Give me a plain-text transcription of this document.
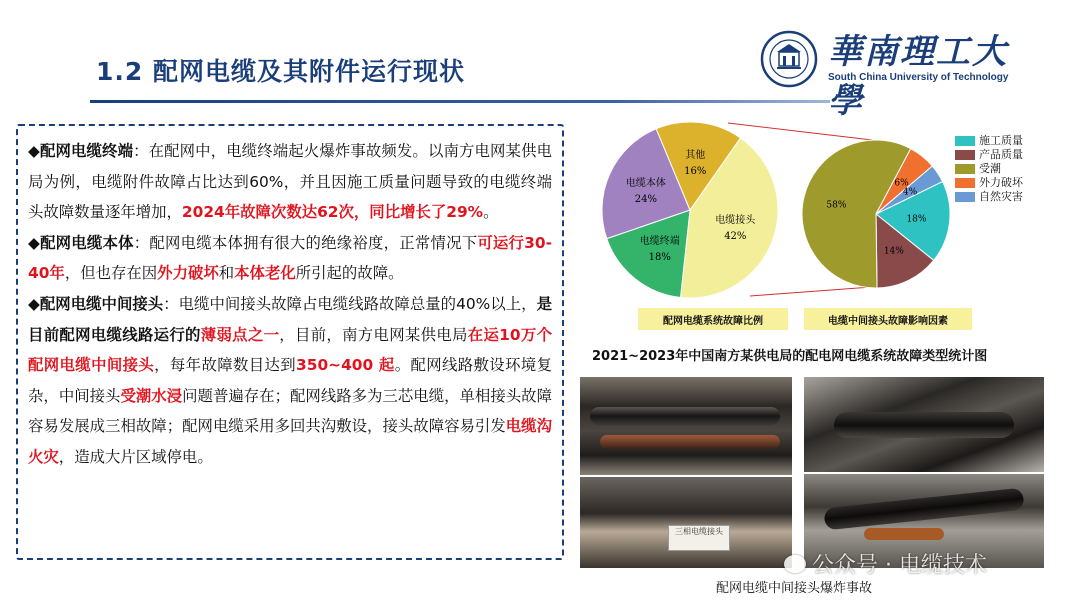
1.2 配网电缆及其附件运行现状	華南理工大學
South China University of Technology

◆配网电缆终端：在配网中，电缆终端起火爆炸事故频发。以南方电网某供电局为例，电缆附件故障占比达到60%，并且因施工质量问题导致的电缆终端头故障数量逐年增加，2024年故障次数达62次，同比增长了29%。

◆配网电缆本体：配网电缆本体拥有很大的绝缘裕度，正常情况下可运行30-40年，但也存在因外力破坏和本体老化所引起的故障。

◆配网电缆中间接头：电缆中间接头故障占电缆线路故障总量的40%以上，是目前配网电缆线路运行的薄弱点之一，目前，南方电网某供电局在运10万个配网电缆中间接头，每年故障数目达到350~400 起。配网线路敷设环境复杂，中间接头受潮水浸问题普遍存在；配网线路多为三芯电缆，单相接头故障容易发展成三相故障；配网电缆采用多回共沟敷设，接头故障容易引发电缆沟火灾，造成大片区域停电。

电缆接头
42%
电缆终端
18%
电缆本体
24%
其他
16%
18%
14%
58%
6%
4%
施工质量
产品质量
受潮
外力破坏
自然灾害
配网电缆系统故障比例	电缆中间接头故障影响因素
2021~2023年中国南方某供电局的配电网电缆系统故障类型统计图
三相电缆接头
公众号 · 电缆技术
配网电缆中间接头爆炸事故
